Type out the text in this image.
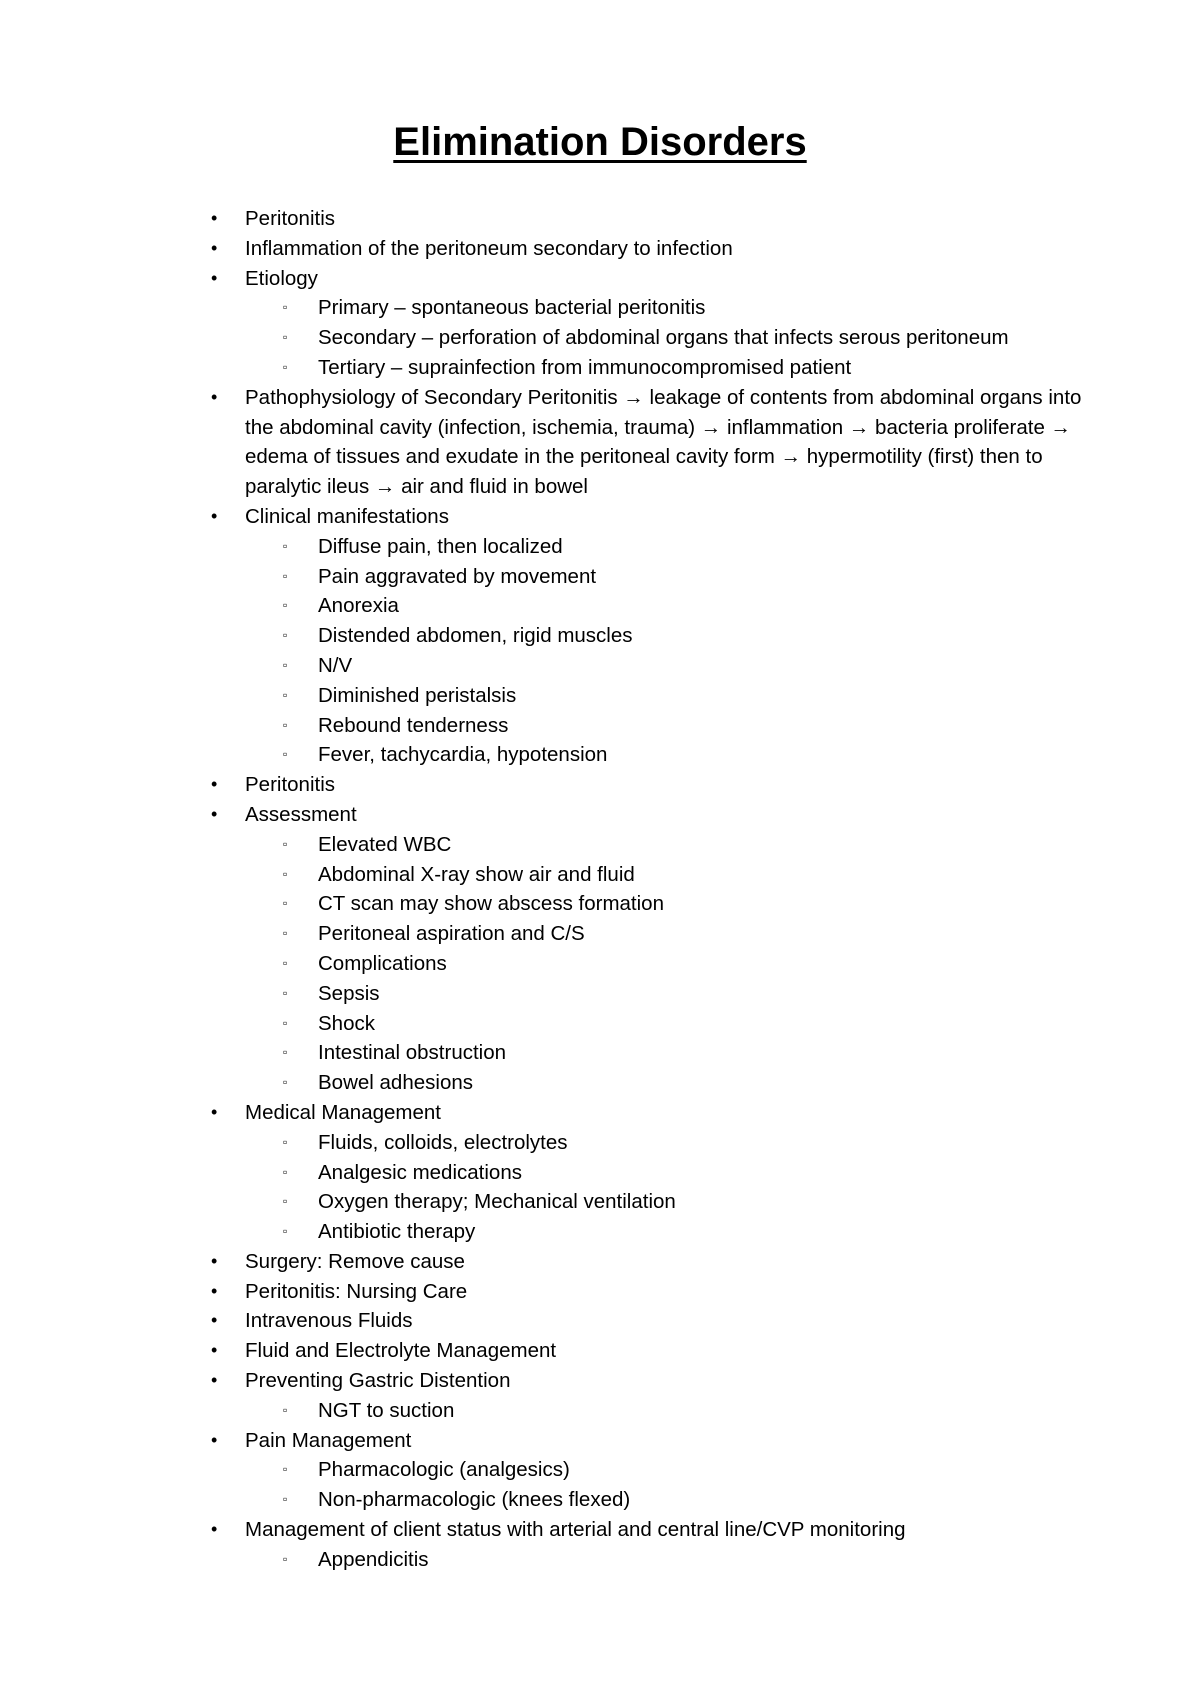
Elimination Disorders
• Peritonitis
• Inflammation of the peritoneum secondary to infection
• Etiology
▫ Primary – spontaneous bacterial peritonitis
▫ Secondary – perforation of abdominal organs that infects serous peritoneum
▫ Tertiary – suprainfection from immunocompromised patient
• Pathophysiology of Secondary Peritonitis → leakage of contents from abdominal organs into the abdominal cavity (infection, ischemia, trauma) → inflammation → bacteria proliferate → edema of tissues and exudate in the peritoneal cavity form → hypermotility (first) then to paralytic ileus → air and fluid in bowel
• Clinical manifestations
▫ Diffuse pain, then localized
▫ Pain aggravated by movement
▫ Anorexia
▫ Distended abdomen, rigid muscles
▫ N/V
▫ Diminished peristalsis
▫ Rebound tenderness
▫ Fever, tachycardia, hypotension
• Peritonitis
• Assessment
▫ Elevated WBC
▫ Abdominal X-ray show air and fluid
▫ CT scan may show abscess formation
▫ Peritoneal aspiration and C/S
▫ Complications
▫ Sepsis
▫ Shock
▫ Intestinal obstruction
▫ Bowel adhesions
• Medical Management
▫ Fluids, colloids, electrolytes
▫ Analgesic medications
▫ Oxygen therapy; Mechanical ventilation
▫ Antibiotic therapy
• Surgery: Remove cause
• Peritonitis: Nursing Care
• Intravenous Fluids
• Fluid and Electrolyte Management
• Preventing Gastric Distention
▫ NGT to suction
• Pain Management
▫ Pharmacologic (analgesics)
▫ Non-pharmacologic (knees flexed)
• Management of client status with arterial and central line/CVP monitoring
▫ Appendicitis
